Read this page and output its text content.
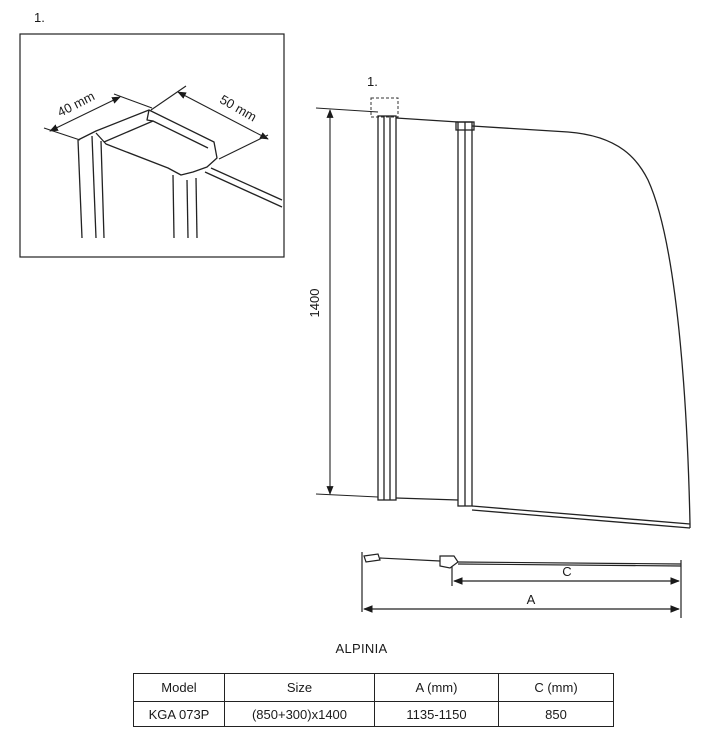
1.
40 mm	50 mm
1.
1400
C
A
ALPINIA
Model	Size	A (mm)	C (mm)
KGA 073P	(850+300)x1400	1135-1150	850
